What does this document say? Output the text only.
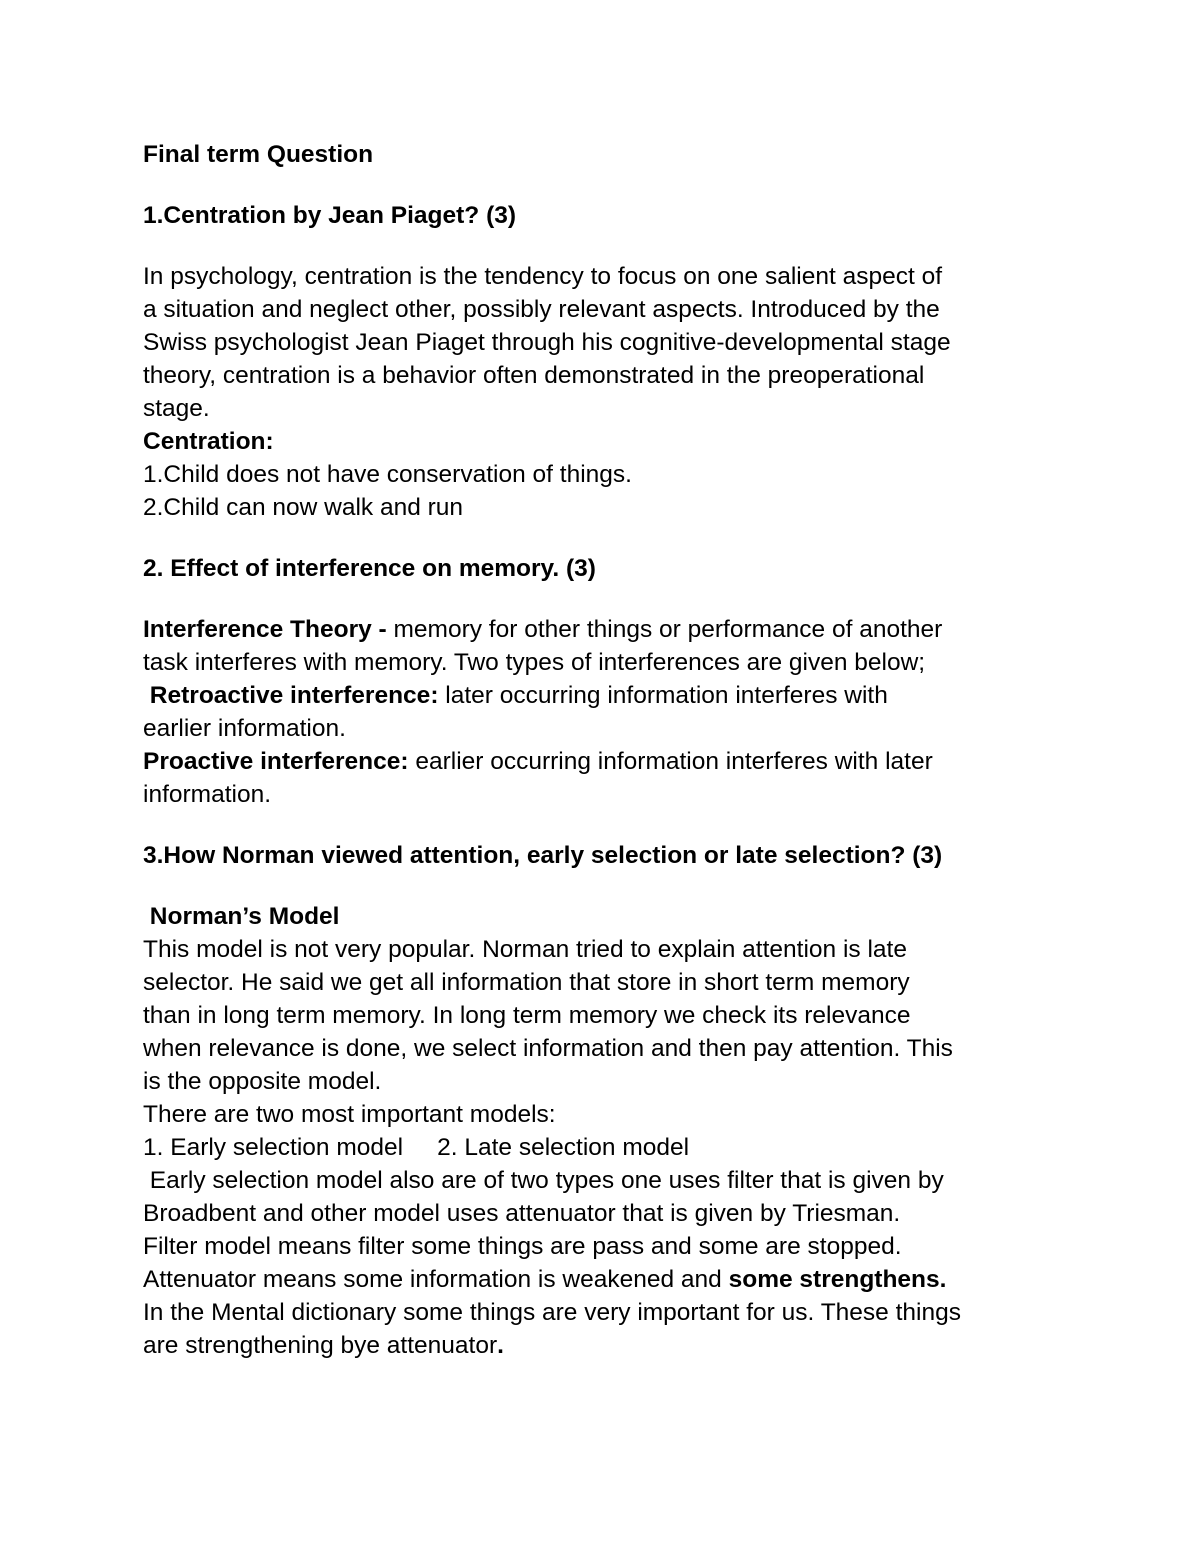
Final term Question

1.Centration by Jean Piaget? (3)

In psychology, centration is the tendency to focus on one salient aspect of

a situation and neglect other, possibly relevant aspects. Introduced by the

Swiss psychologist Jean Piaget through his cognitive-developmental stage

theory, centration is a behavior often demonstrated in the preoperational

stage.

Centration:

1.Child does not have conservation of things.

2.Child can now walk and run

2. Effect of interference on memory. (3)

Interference Theory - memory for other things or performance of another

task interferes with memory. Two types of interferences are given below;

Retroactive interference: later occurring information interferes with

earlier information.

Proactive interference: earlier occurring information interferes with later

information.

3.How Norman viewed attention, early selection or late selection? (3)

Norman’s Model

This model is not very popular. Norman tried to explain attention is late

selector. He said we get all information that store in short term memory

than in long term memory. In long term memory we check its relevance

when relevance is done, we select information and then pay attention. This

is the opposite model.

There are two most important models:

1. Early selection model     2. Late selection model

Early selection model also are of two types one uses filter that is given by

Broadbent and other model uses attenuator that is given by Triesman.

Filter model means filter some things are pass and some are stopped.

Attenuator means some information is weakened and some strengthens.

In the Mental dictionary some things are very important for us. These things

are strengthening bye attenuator.
